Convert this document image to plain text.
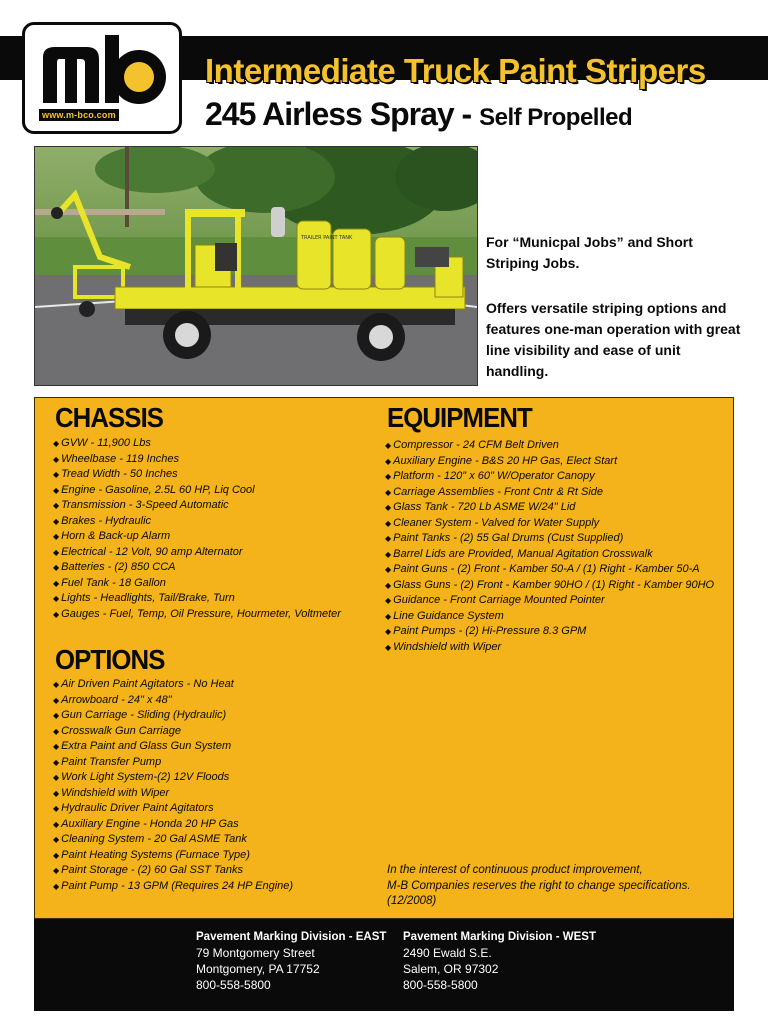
www.m-bco.com
Intermediate Truck Paint Stripers
245 Airless Spray - Self Propelled
TRAILER PAINT TANK	For “Municpal Jobs” and Short Striping Jobs.

Offers versatile striping options and features one-man operation with great line visibility and ease of unit handling.

CHASSIS
◆ GVW - 11,900 Lbs
◆ Wheelbase - 119 Inches
◆ Tread Width - 50 Inches
◆ Engine - Gasoline, 2.5L 60 HP, Liq Cool
◆ Transmission - 3-Speed Automatic
◆ Brakes - Hydraulic
◆ Horn & Back-up Alarm
◆ Electrical - 12 Volt, 90 amp Alternator
◆ Batteries - (2) 850 CCA
◆ Fuel Tank - 18 Gallon
◆ Lights - Headlights, Tail/Brake, Turn
◆ Gauges - Fuel, Temp, Oil Pressure, Hourmeter, Voltmeter
OPTIONS
◆ Air Driven Paint Agitators - No Heat
◆ Arrowboard - 24" x 48"
◆ Gun Carriage - Sliding (Hydraulic)
◆ Crosswalk Gun Carriage
◆ Extra Paint and Glass Gun System
◆ Paint Transfer Pump
◆ Work Light System-(2) 12V Floods
◆ Windshield with Wiper
◆ Hydraulic Driver Paint Agitators
◆ Auxiliary Engine - Honda 20 HP Gas
◆ Cleaning System - 20 Gal ASME Tank
◆ Paint Heating Systems (Furnace Type)
◆ Paint Storage - (2) 60 Gal SST Tanks
◆ Paint Pump - 13 GPM (Requires 24 HP Engine)
EQUIPMENT
◆ Compressor - 24 CFM Belt Driven
◆ Auxiliary Engine - B&S 20 HP Gas, Elect Start
◆ Platform - 120" x 60" W/Operator Canopy
◆ Carriage Assemblies - Front Cntr & Rt Side
◆ Glass Tank - 720 Lb ASME W/24" Lid
◆ Cleaner System - Valved for Water Supply
◆ Paint Tanks - (2) 55 Gal Drums (Cust Supplied)
◆ Barrel Lids are Provided, Manual Agitation Crosswalk
◆ Paint Guns - (2) Front - Kamber 50-A / (1) Right - Kamber 50-A
◆ Glass Guns - (2) Front - Kamber 90HO / (1) Right - Kamber 90HO
◆ Guidance - Front Carriage Mounted Pointer
◆ Line Guidance System
◆ Paint Pumps - (2) Hi-Pressure 8.3 GPM
◆ Windshield with Wiper

In the interest of continuous product improvement,
M-B Companies reserves the right to change specifications.
(12/2008)

Pavement Marking Division - EAST
79 Montgomery Street
Montgomery, PA 17752
800-558-5800
Pavement Marking Division - WEST
2490 Ewald S.E.
Salem, OR 97302
800-558-5800
